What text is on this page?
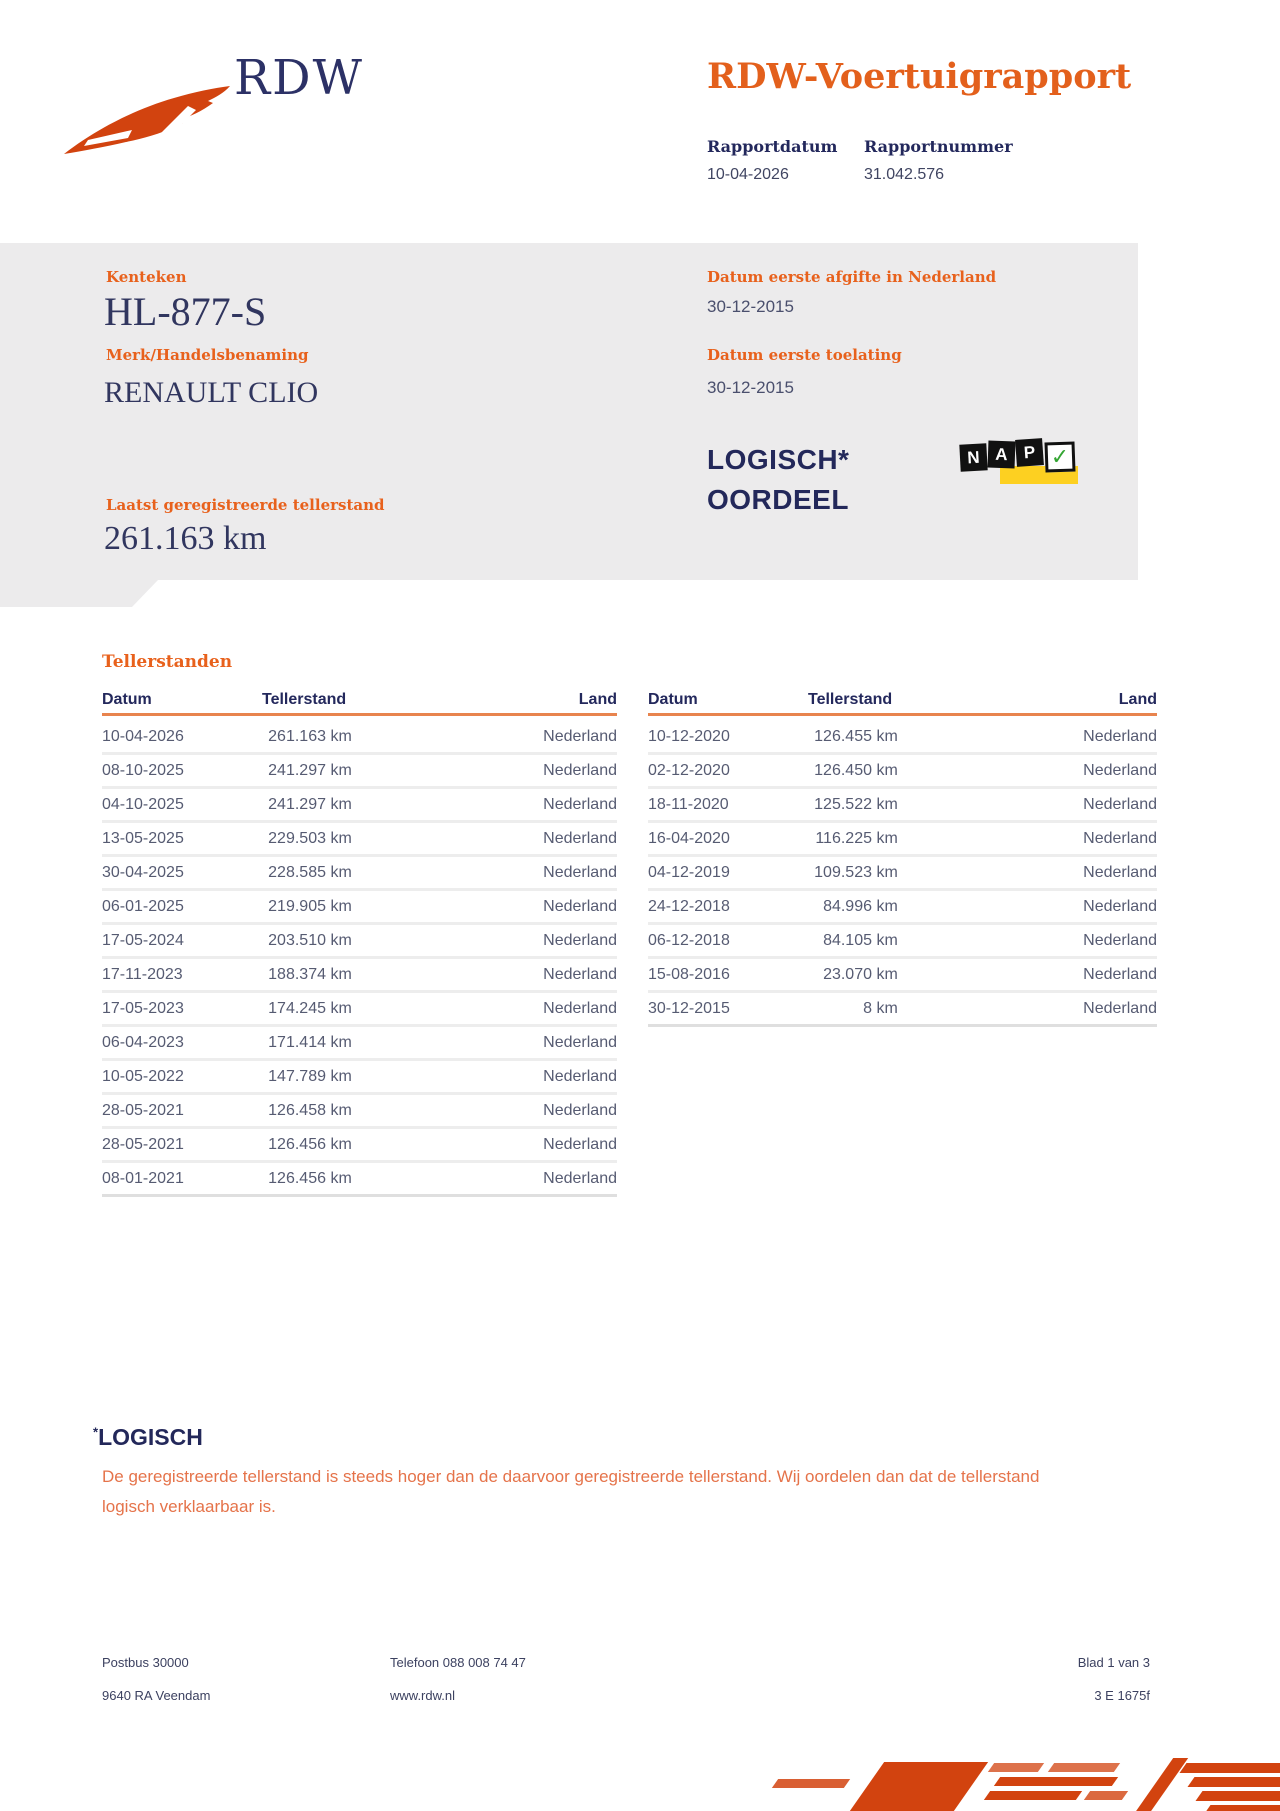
RDW	RDW-Voertuigrapport
Rapportdatum Rapportnummer
10-04-2026	31.042.576
Kenteken
HL-877-S
Merk/Handelsbenaming
RENAULT CLIO
Datum eerste afgifte in Nederland
30-12-2015
Datum eerste toelating
30-12-2015
LOGISCH*
OORDEEL
N A P ✓
Laatst geregistreerde tellerstand
261.163 km
Tellerstanden
Datum	Tellerstand	Land
10-04-2026	261.163 km	Nederland
08-10-2025	241.297 km	Nederland
04-10-2025	241.297 km	Nederland
13-05-2025	229.503 km	Nederland
30-04-2025	228.585 km	Nederland
06-01-2025	219.905 km	Nederland
17-05-2024	203.510 km	Nederland
17-11-2023	188.374 km	Nederland
17-05-2023	174.245 km	Nederland
06-04-2023	171.414 km	Nederland
10-05-2022	147.789 km	Nederland
28-05-2021	126.458 km	Nederland
28-05-2021	126.456 km	Nederland
08-01-2021	126.456 km	Nederland
Datum	Tellerstand	Land
10-12-2020	126.455 km	Nederland
02-12-2020	126.450 km	Nederland
18-11-2020	125.522 km	Nederland
16-04-2020	116.225 km	Nederland
04-12-2019	109.523 km	Nederland
24-12-2018	84.996 km	Nederland
06-12-2018	84.105 km	Nederland
15-08-2016	23.070 km	Nederland
30-12-2015	8 km	Nederland
*LOGISCH
De geregistreerde tellerstand is steeds hoger dan de daarvoor geregistreerde tellerstand. Wij oordelen dan dat de tellerstand logisch verklaarbaar is.
Postbus 30000
9640 RA Veendam
Telefoon 088 008 74 47
www.rdw.nl
Blad 1 van 3
3 E 1675f
